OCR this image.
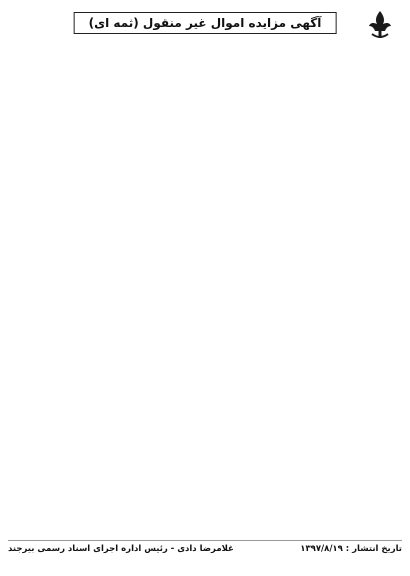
آگهی مزایده اموال غیر منقول (ثمه ای)
تاریخ انتشار : ۱۳۹۷/۸/۱۹
غلامرضا دادی - رئیس اداره اجرای اسناد رسمی بیرجند
